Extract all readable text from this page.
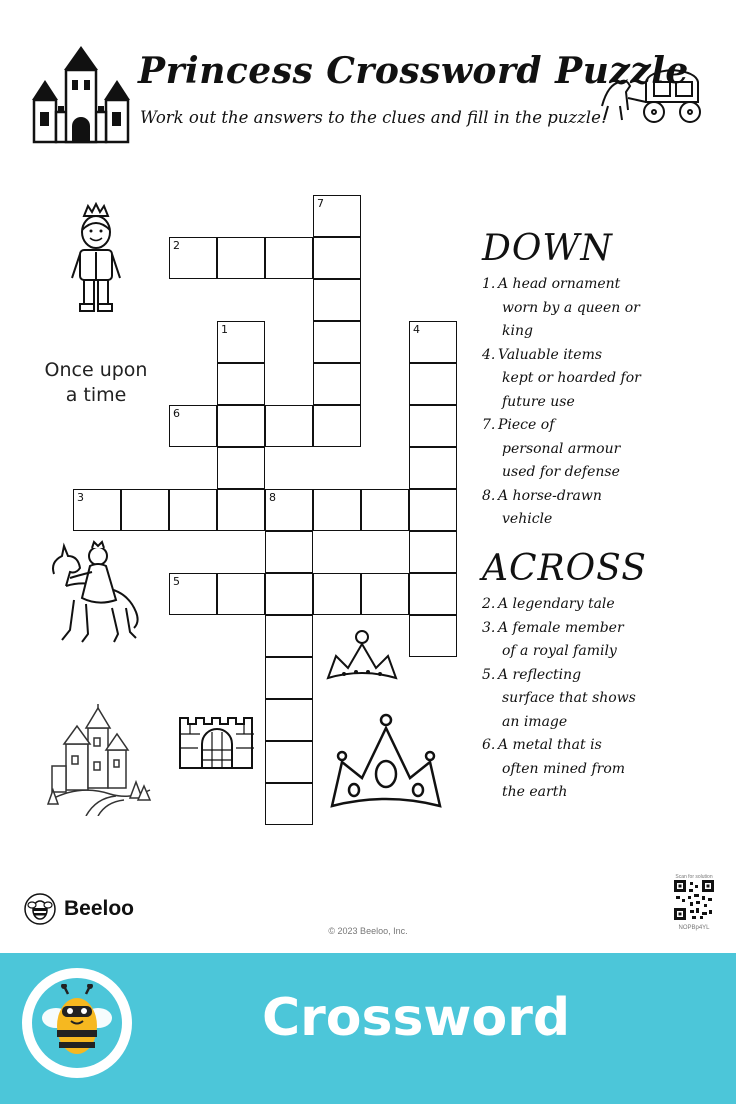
Princess Crossword Puzzle
Work out the answers to the clues and fill in the puzzle.
7
2
1
6
4
3	8
5
DOWN
1. A head ornament
worn by a queen or
king
4. Valuable items
kept or hoarded for
future use
7. Piece of
personal armour
used for defense
8. A horse-drawn
vehicle
ACROSS
2. A legendary tale
3. A female member
of a royal family
5. A reflecting
surface that shows
an image
6. A metal that is
often mined from
the earth
Once upon
a time
Beeloo
© 2023 Beeloo, Inc.
Scan for solution
NOPBp4YL
Crossword
